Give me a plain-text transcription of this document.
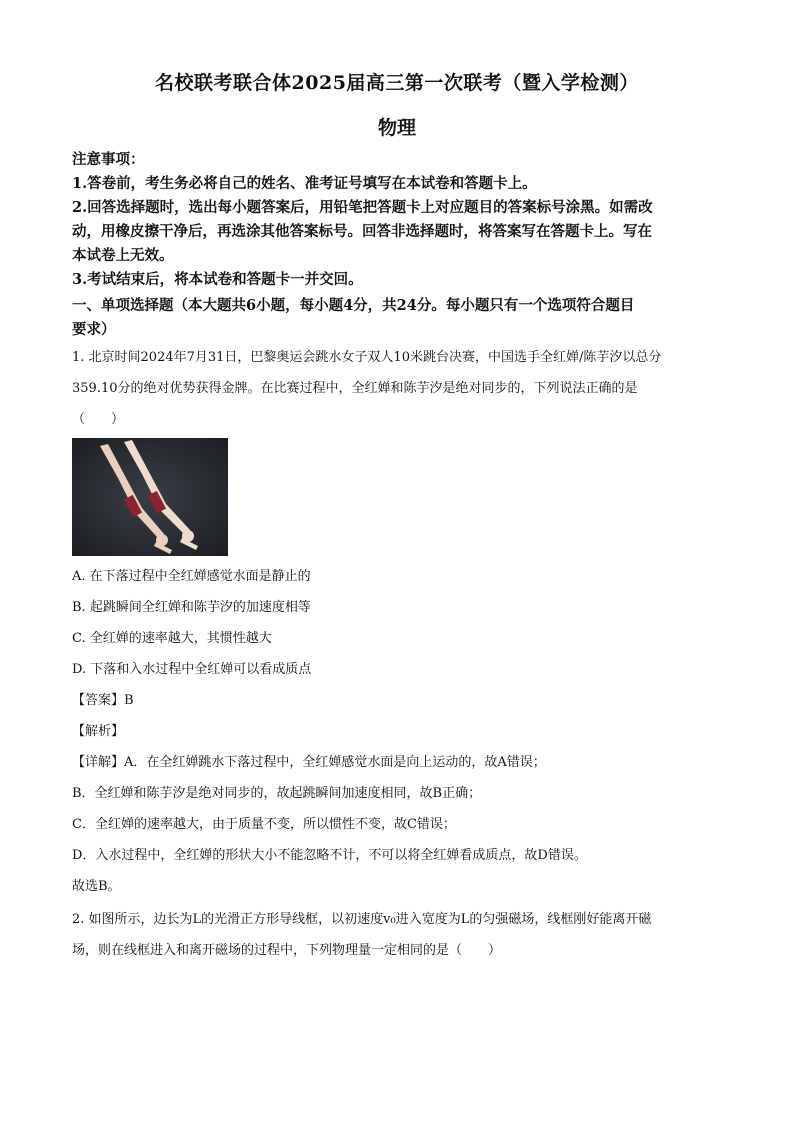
名校联考联合体2025届高三第一次联考（暨入学检测）
物理
注意事项：
1.答卷前，考生务必将自己的姓名、准考证号填写在本试卷和答题卡上。
2.回答选择题时，选出每小题答案后，用铅笔把答题卡上对应题目的答案标号涂黑。如需改
动，用橡皮擦干净后，再选涂其他答案标号。回答非选择题时，将答案写在答题卡上。写在
本试卷上无效。
3.考试结束后，将本试卷和答题卡一并交回。
一、单项选择题（本大题共6小题，每小题4分，共24分。每小题只有一个选项符合题目
要求）
1. 北京时间2024年7月31日，巴黎奥运会跳水女子双人10米跳台决赛，中国选手全红婵/陈芋汐以总分
359.10分的绝对优势获得金牌。在比赛过程中，全红婵和陈芋汐是绝对同步的，下列说法正确的是
（　　）
A. 在下落过程中全红婵感觉水面是静止的
B. 起跳瞬间全红婵和陈芋汐的加速度相等
C. 全红婵的速率越大，其惯性越大
D. 下落和入水过程中全红婵可以看成质点
【答案】B
【解析】
【详解】A．在全红婵跳水下落过程中，全红婵感觉水面是向上运动的，故A错误；
B．全红婵和陈芋汐是绝对同步的，故起跳瞬间加速度相同，故B正确；
C．全红婵的速率越大，由于质量不变，所以惯性不变，故C错误；
D．入水过程中，全红婵的形状大小不能忽略不计，不可以将全红婵看成质点，故D错误。
故选B。
2. 如图所示，边长为L的光滑正方形导线框，以初速度v₀进入宽度为L的匀强磁场，线框刚好能离开磁
场，则在线框进入和离开磁场的过程中，下列物理量一定相同的是（　　）
